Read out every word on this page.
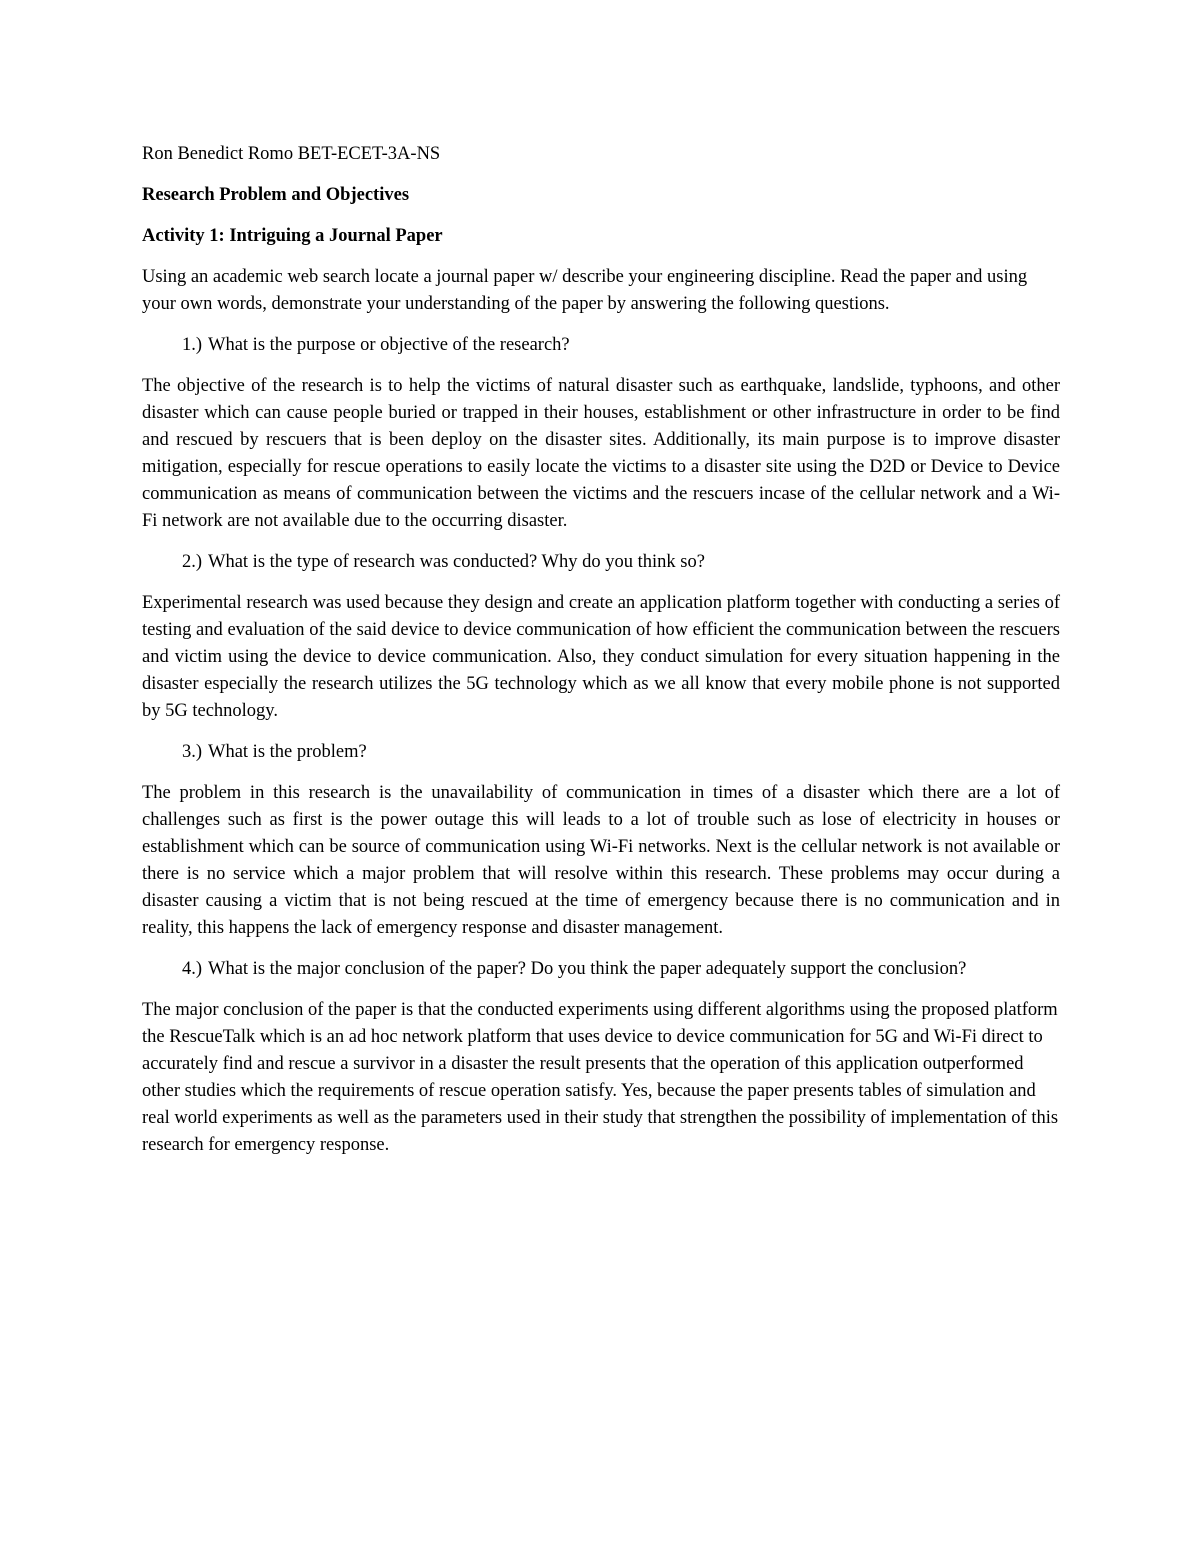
Ron Benedict Romo BET-ECET-3A-NS

Research Problem and Objectives

Activity 1: Intriguing a Journal Paper

Using an academic web search locate a journal paper w/ describe your engineering discipline. Read the paper and using your own words, demonstrate your understanding of the paper by answering the following questions.

1.) What is the purpose or objective of the research?

The objective of the research is to help the victims of natural disaster such as earthquake, landslide, typhoons, and other disaster which can cause people buried or trapped in their houses, establishment or other infrastructure in order to be find and rescued by rescuers that is been deploy on the disaster sites. Additionally, its main purpose is to improve disaster mitigation, especially for rescue operations to easily locate the victims to a disaster site using the D2D or Device to Device communication as means of communication between the victims and the rescuers incase of the cellular network and a Wi-Fi network are not available due to the occurring disaster.

2.) What is the type of research was conducted? Why do you think so?

Experimental research was used because they design and create an application platform together with conducting a series of testing and evaluation of the said device to device communication of how efficient the communication between the rescuers and victim using the device to device communication. Also, they conduct simulation for every situation happening in the disaster especially the research utilizes the 5G technology which as we all know that every mobile phone is not supported by 5G technology.

3.) What is the problem?

The problem in this research is the unavailability of communication in times of a disaster which there are a lot of challenges such as first is the power outage this will leads to a lot of trouble such as lose of electricity in houses or establishment which can be source of communication using Wi-Fi networks. Next is the cellular network is not available or there is no service which a major problem that will resolve within this research. These problems may occur during a disaster causing a victim that is not being rescued at the time of emergency because there is no communication and in reality, this happens the lack of emergency response and disaster management.

4.) What is the major conclusion of the paper? Do you think the paper adequately support the conclusion?

The major conclusion of the paper is that the conducted experiments using different algorithms using the proposed platform the RescueTalk which is an ad hoc network platform that uses device to device communication for 5G and Wi-Fi direct to accurately find and rescue a survivor in a disaster the result presents that the operation of this application outperformed other studies which the requirements of rescue operation satisfy. Yes, because the paper presents tables of simulation and real world experiments as well as the parameters used in their study that strengthen the possibility of implementation of this research for emergency response.
